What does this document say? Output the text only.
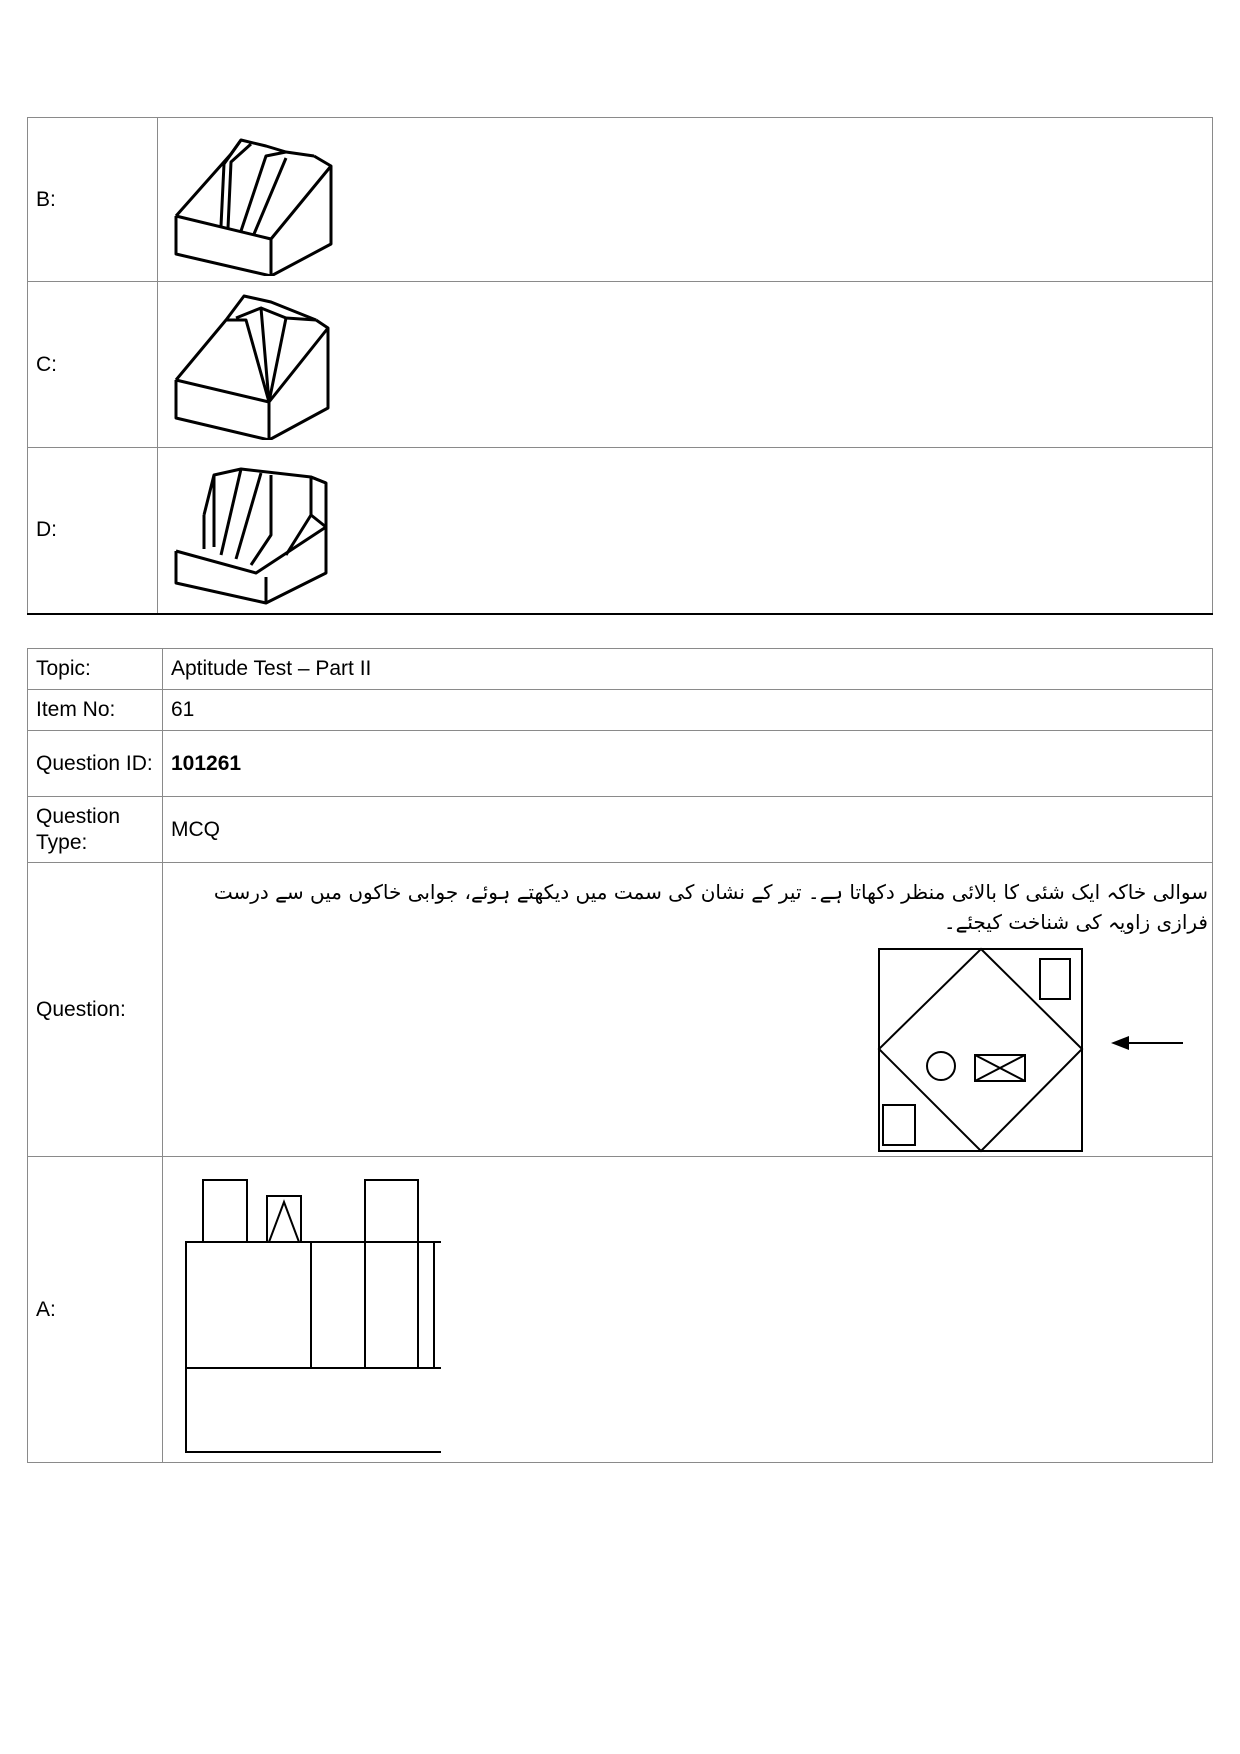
B:	

C:	

D:	
Topic:	Aptitude Test – Part II
Item No:	61
Question ID:	101261
Question Type:	MCQ
Question:	سوالی خاکہ ایک شئی کا بالائی منظر دکھاتا ہے۔ تیر کے نشان کی سمت میں دیکھتے ہوئے، جوابی خاکوں میں سے درست فرازی زاویہ کی شناخت کیجئے۔

A:	
